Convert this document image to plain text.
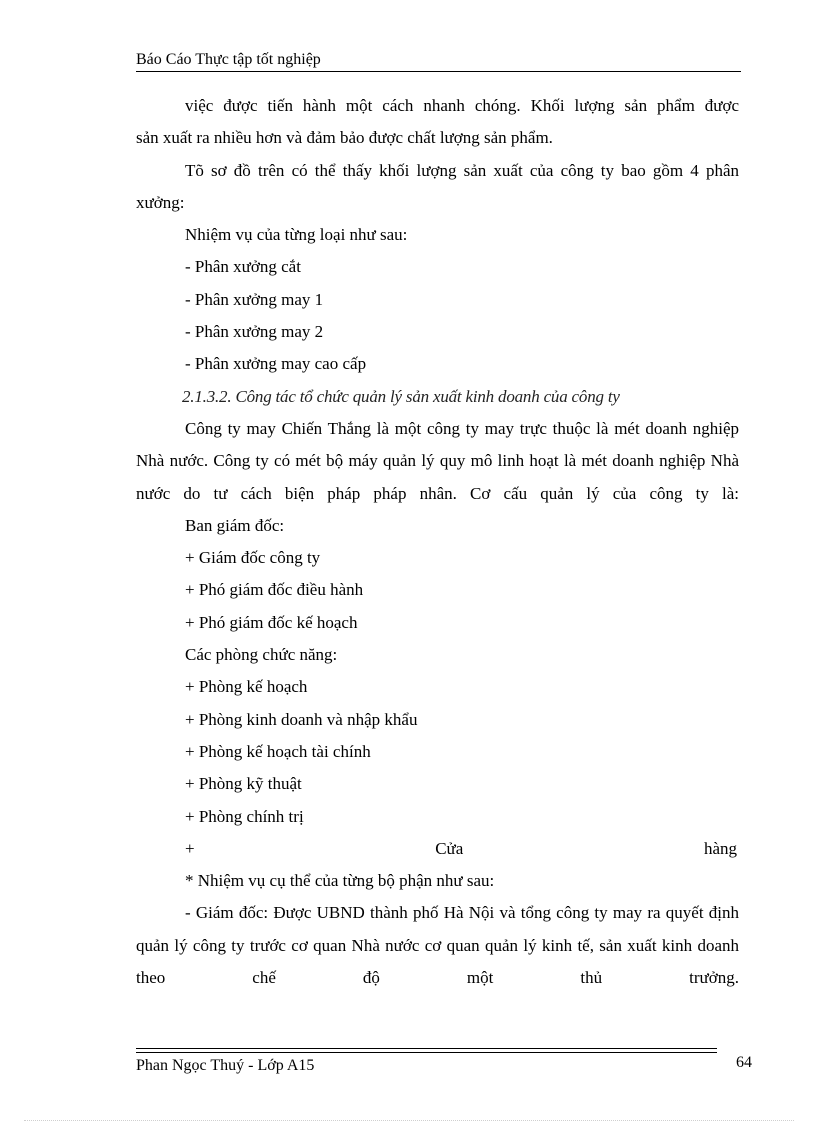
Báo Cáo Thực tập tốt nghiệp

việc được tiến hành một cách nhanh chóng. Khối lượng sản phẩm được

sản xuất ra nhiều hơn và đảm bảo được chất lượng sản phẩm.

Tõ sơ đồ trên có thể thấy khối lượng sản xuất của công ty bao gồm 4 phân xưởng:

Nhiệm vụ của từng loại như sau:

- Phân xưởng cắt

- Phân xưởng may 1

- Phân xưởng may 2

- Phân xưởng may cao cấp

2.1.3.2. Công tác tổ chức quản lý sản xuất kinh doanh của công ty

Công ty may Chiến Thắng là một công ty may trực thuộc là mét doanh nghiệp Nhà nước. Công ty có mét bộ máy quản lý quy mô linh hoạt là mét doanh nghiệp Nhà nước do tư cách biện pháp pháp nhân. Cơ cấu quản lý của công ty là:

Ban giám đốc:

+ Giám đốc công ty

+ Phó giám đốc điều hành

+ Phó giám đốc kế hoạch

Các phòng chức năng:

+ Phòng kế hoạch

+ Phòng kinh doanh và nhập khẩu

+ Phòng kế hoạch tài chính

+ Phòng kỹ thuật

+ Phòng chính trị

+	Cửa	hàng

* Nhiệm vụ cụ thể của từng bộ phận như sau:

- Giám đốc: Được UBND thành phố Hà Nội và tổng công ty may ra quyết định quản lý công ty trước cơ quan Nhà nước cơ quan quản lý kinh tế, sản xuất kinh doanh theo chế độ một thủ trưởng.

Phan Ngọc Thuý - Lớp A15	64
